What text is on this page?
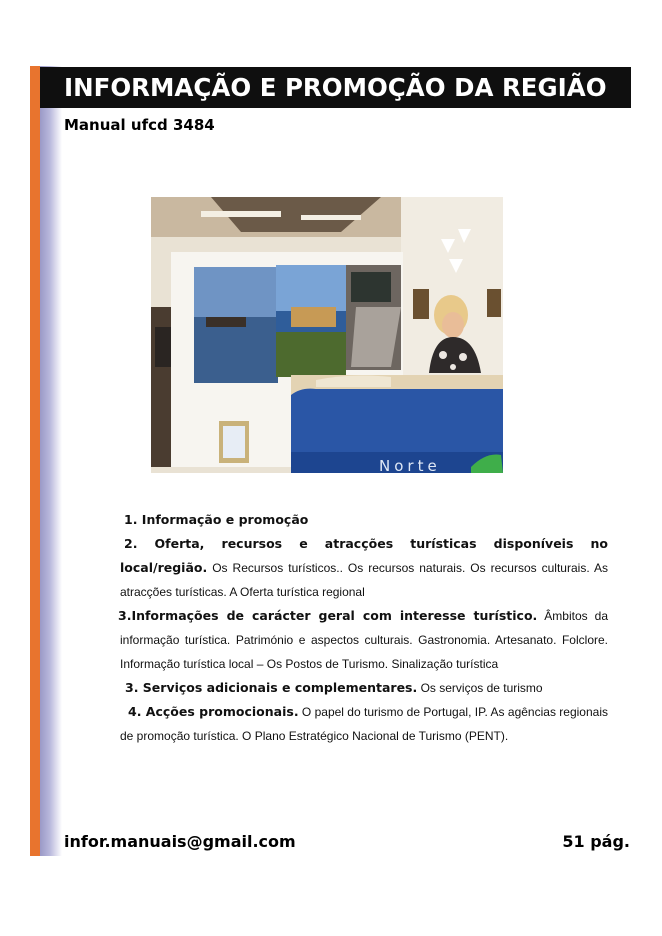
INFORMAÇÃO E PROMOÇÃO DA REGIÃO
Manual ufcd 3484
Norte

1. Informação e promoção

2. Oferta, recursos e atracções turísticas disponíveis no local/região. Os Recursos turísticos.. Os recursos naturais. Os recursos culturais. As atracções turísticas. A Oferta turística regional

3.Informações de carácter geral com interesse turístico. Âmbitos da informação turística. Património e aspectos culturais. Gastronomia. Artesanato. Folclore. Informação turística local – Os Postos de Turismo. Sinalização turística

3. Serviços adicionais e complementares. Os serviços de turismo

4. Acções promocionais. O papel do turismo de Portugal, IP. As agências regionais de promoção turística. O Plano Estratégico Nacional de Turismo (PENT).

infor.manuais@gmail.com	51 pág.
